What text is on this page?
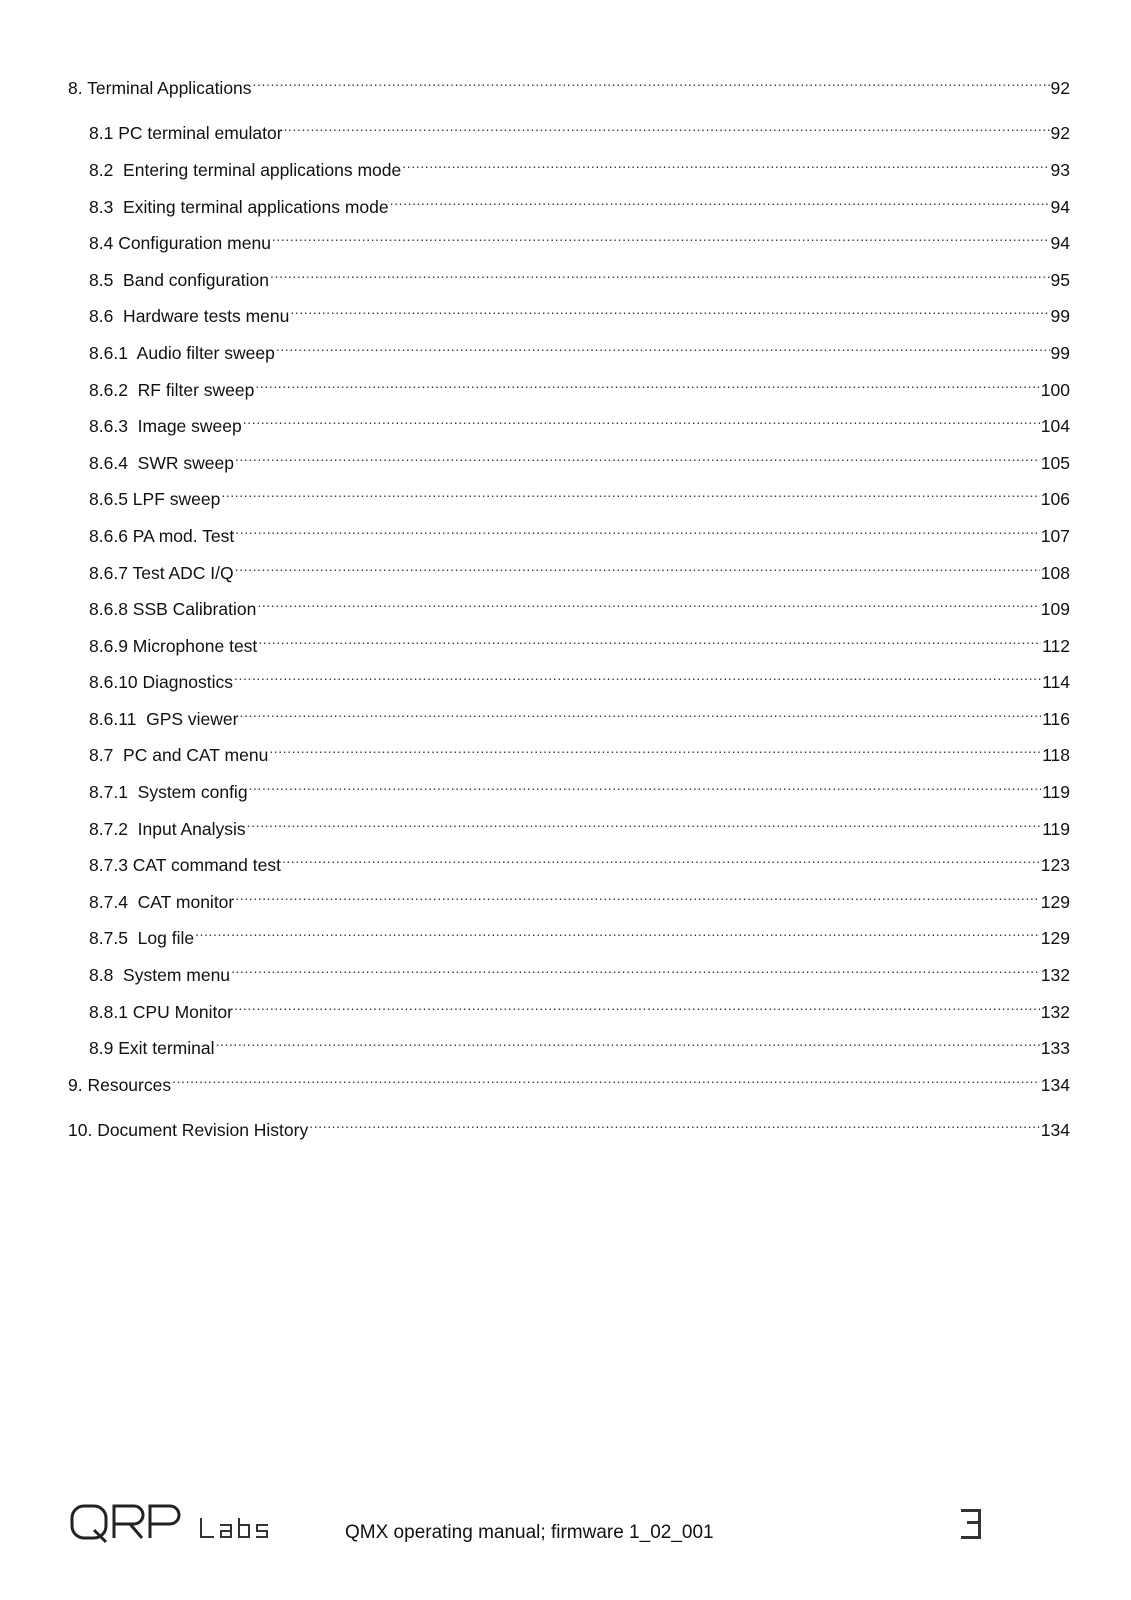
8. Terminal Applications .....	92
8.1 PC terminal emulator .....	92
8.2  Entering terminal applications mode .....	93
8.3  Exiting terminal applications mode .....	94
8.4 Configuration menu .....	94
8.5  Band configuration .....	95
8.6  Hardware tests menu .....	99
8.6.1  Audio filter sweep .....	99
8.6.2  RF filter sweep .....	100
8.6.3  Image sweep .....	104
8.6.4  SWR sweep .....	105
8.6.5 LPF sweep .....	106
8.6.6 PA mod. Test .....	107
8.6.7 Test ADC I/Q .....	108
8.6.8 SSB Calibration .....	109
8.6.9 Microphone test .....	112
8.6.10 Diagnostics .....	114
8.6.11  GPS viewer .....	116
8.7  PC and CAT menu .....	118
8.7.1  System config .....	119
8.7.2  Input Analysis .....	119
8.7.3 CAT command test .....	123
8.7.4  CAT monitor .....	129
8.7.5  Log file .....	129
8.8  System menu .....	132
8.8.1 CPU Monitor .....	132
8.9 Exit terminal .....	133
9. Resources .....	134
10. Document Revision History .....	134
QMX operating manual; firmware 1_02_001
